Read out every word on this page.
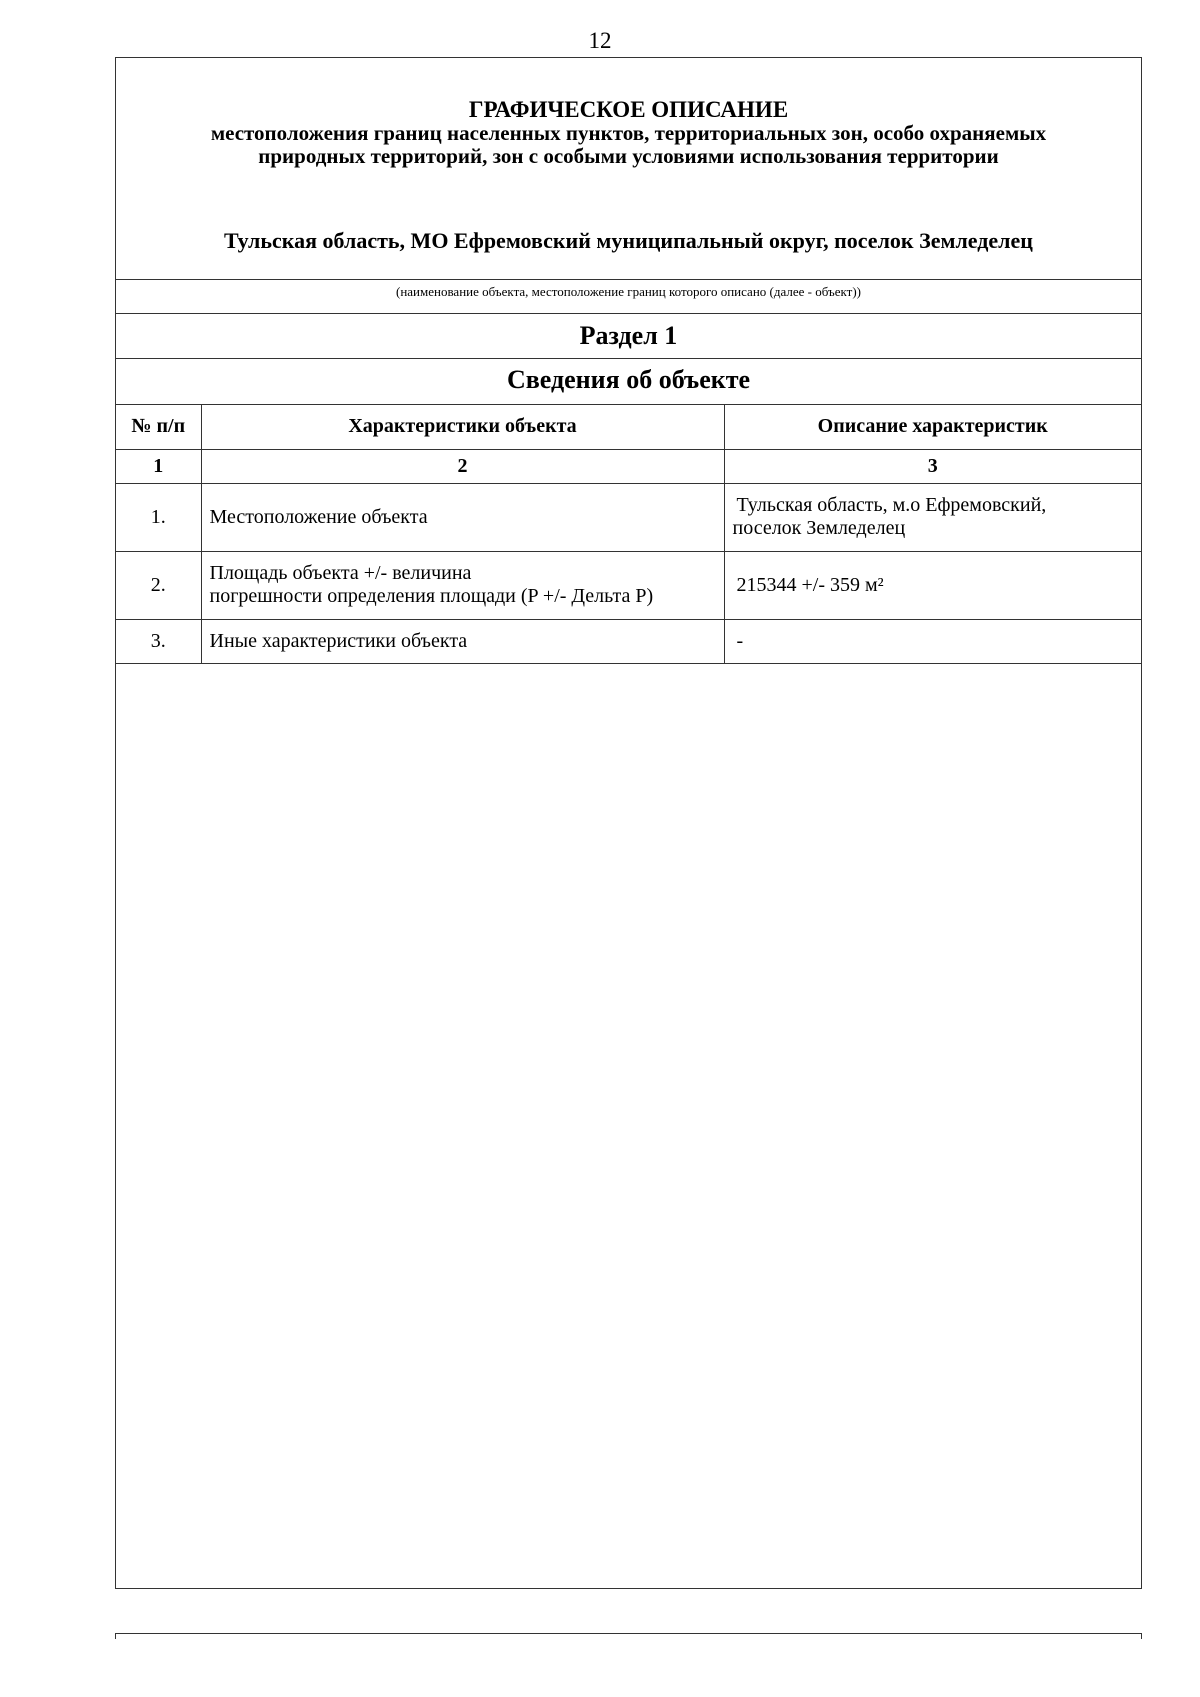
12
ГРАФИЧЕСКОЕ ОПИСАНИЕ
местоположения границ населенных пунктов, территориальных зон, особо охраняемых
природных территорий, зон с особыми условиями использования территории
Тульская область, МО Ефремовский муниципальный округ, поселок Земледелец
(наименование объекта, местоположение границ которого описано (далее - объект))
Раздел 1
Сведения об объекте
№ п/п	Характеристики объекта	Описание характеристик
1	2	3
1.	Местоположение объекта	Тульская область, м.о Ефремовский,
поселок Земледелец

2.	Площадь объекта +/- величина
погрешности определения площади (P +/- Дельта P)	215344 +/- 359 м²

3.	Иные характеристики объекта	-
